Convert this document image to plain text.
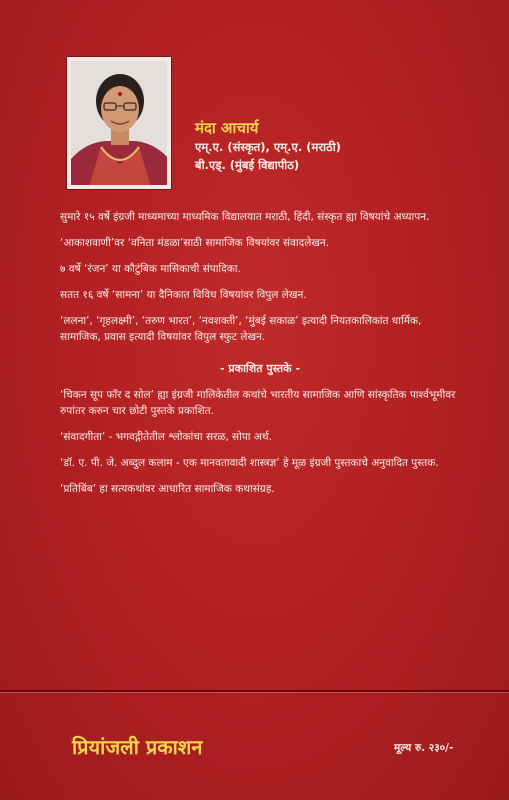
मंदा आचार्य
एम्.ए. (संस्कृत), एम्.ए. (मराठी)
बी.एड्. (मुंबई विद्यापीठ)

सुमारे १५ वर्षे इंग्रजी माध्यमाच्या माध्यमिक विद्यालयात मराठी, हिंदी, संस्कृत ह्या विषयांचे अध्यापन.

‘आकाशवाणी’वर ‘वनिता मंडळा’साठी सामाजिक विषयांवर संवादलेखन.

७ वर्षे ‘रंजन’ या कौटुंबिक मासिकाची संपादिका.

सतत १६ वर्षे ‘सामना’ या दैनिकात विविध विषयांवर विपुल लेखन.

‘ललना’, ‘गृहलक्ष्मी’, ‘तरुण भारत’, ‘नवशक्ती’, ‘मुंबई सकाळ’ इत्यादी नियतकालिकांत धार्मिक, सामाजिक, प्रवास इत्यादी विषयांवर विपुल स्फुट लेखन.

- प्रकाशित पुस्तके -

‘चिकन सूप फॉर द सोल’ ह्या इंग्रजी मालिकेतील कथांचे भारतीय सामाजिक आणि सांस्कृतिक पार्श्वभूमीवर रुपांतर करुन चार छोटी पुस्तके प्रकाशित.

‘संवादगीता’ - भगवद्गीतेतील श्लोकांचा सरळ, सोपा अर्थ.

‘डॉ. ए. पी. जे. अब्दुल कलाम - एक मानवतावादी शास्त्रज्ञ’ हे मूळ इंग्रजी पुस्तकाचे अनुवादित पुस्तक.

‘प्रतिबिंब’ हा सत्यकथांवर आधारित सामाजिक कथासंग्रह.

प्रियांजली प्रकाशन	मूल्य रु. २३०/-
